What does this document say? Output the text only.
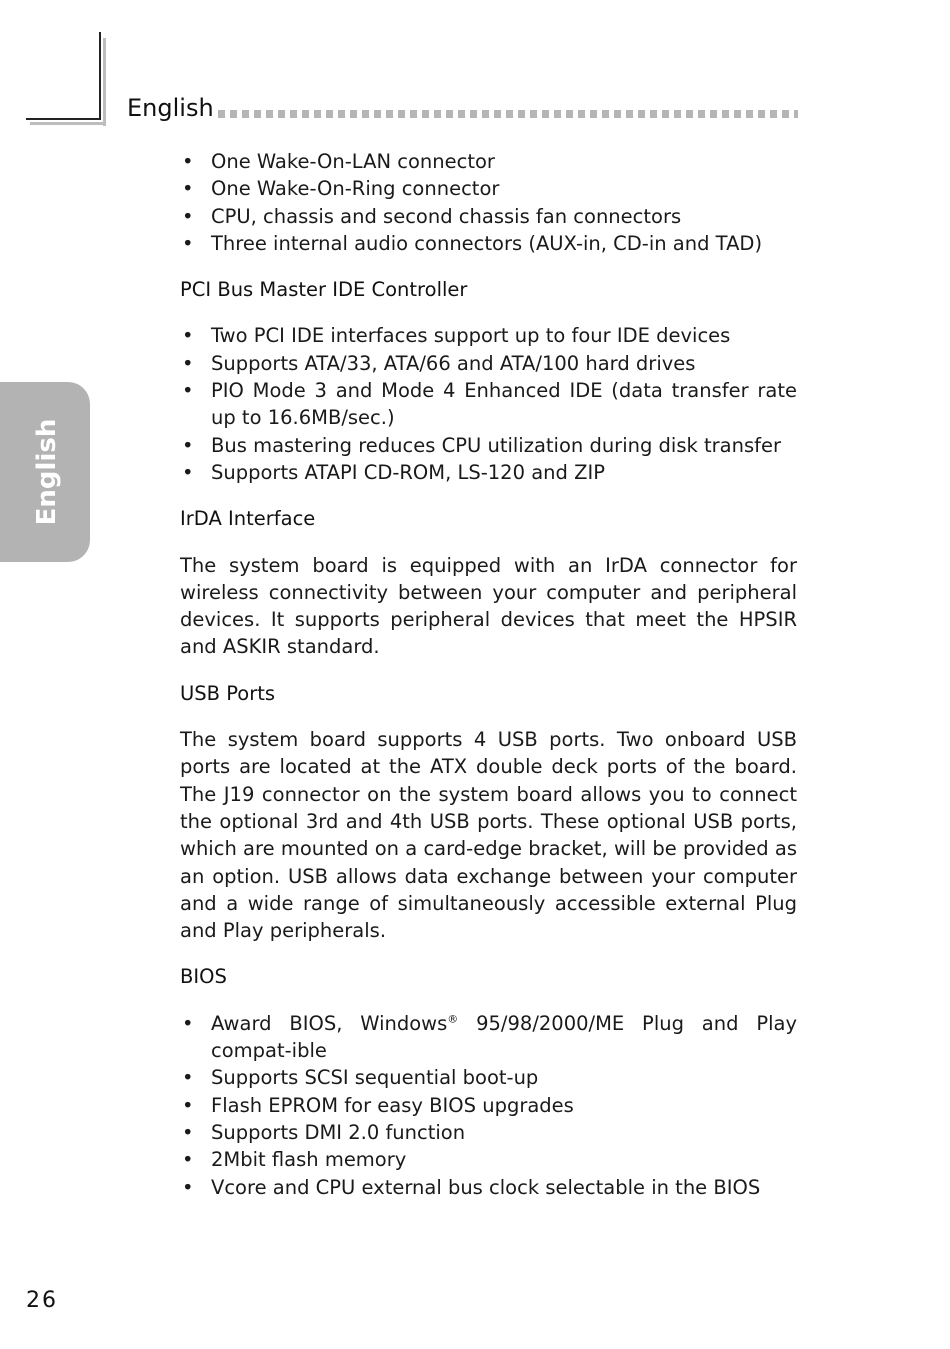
English
English
• One Wake-On-LAN connector
• One Wake-On-Ring connector
• CPU, chassis and second chassis fan connectors
• Three internal audio connectors (AUX-in, CD-in and TAD)
PCI Bus Master IDE Controller
• Two PCI IDE interfaces support up to four IDE devices
• Supports ATA/33, ATA/66 and ATA/100 hard drives
• PIO Mode 3 and Mode 4 Enhanced IDE (data transfer rate up to 16.6MB/sec.)
• Bus mastering reduces CPU utilization during disk transfer
• Supports ATAPI CD-ROM, LS-120 and ZIP
IrDA Interface

The system board is equipped with an IrDA connector for wireless connectivity between your computer and peripheral devices. It supports peripheral devices that meet the HPSIR and ASKIR standard.

USB Ports

The system board supports 4 USB ports. Two onboard USB ports are located at the ATX double deck ports of the board. The J19 connector on the system board allows you to connect the optional 3rd and 4th USB ports. These optional USB ports, which are mounted on a card-edge bracket, will be provided as an option. USB allows data exchange between your computer and a wide range of simultaneously accessible external Plug and Play peripherals.

BIOS
• Award BIOS, Windows® 95/98/2000/ME Plug and Play compat-ible
• Supports SCSI sequential boot-up
• Flash EPROM for easy BIOS upgrades
• Supports DMI 2.0 function
• 2Mbit flash memory
• Vcore and CPU external bus clock selectable in the BIOS
26
